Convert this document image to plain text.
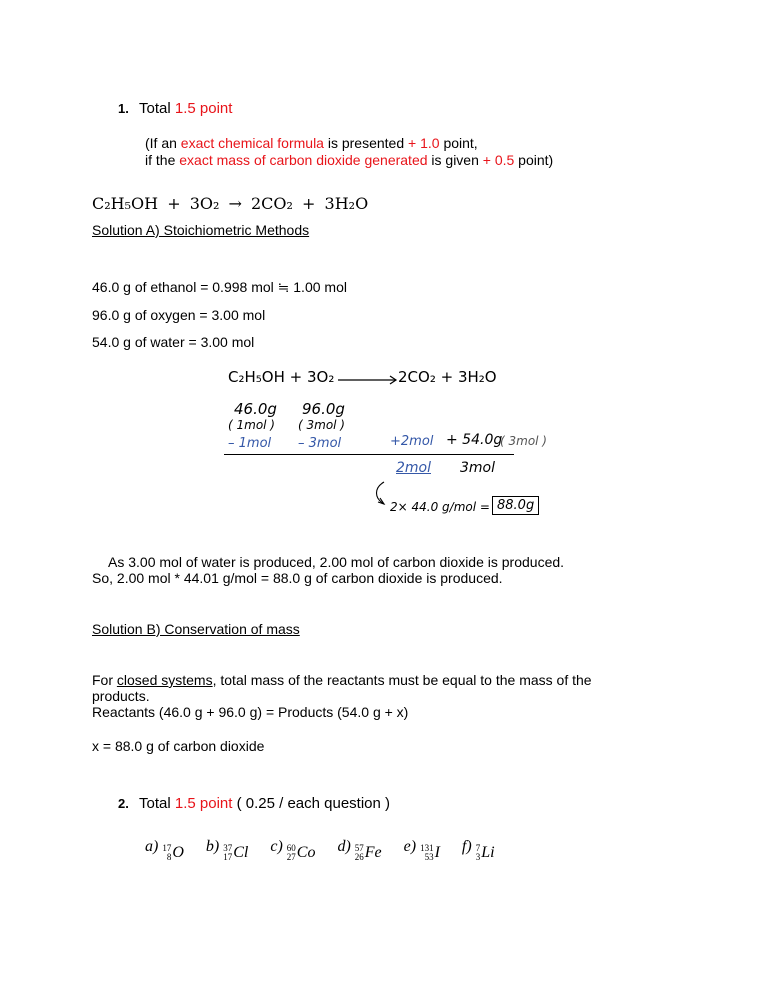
1. Total 1.5 point
(If an exact chemical formula is presented + 1.0 point,
if the exact mass of carbon dioxide generated is given + 0.5 point)
C₂H₅OH + 3O₂ → 2CO₂ + 3H₂O
Solution A) Stoichiometric Methods
46.0 g of ethanol = 0.998 mol ≒ 1.00 mol
96.0 g of oxygen = 3.00 mol
54.0 g of water = 3.00 mol
C₂H₅OH + 3O₂	2CO₂ + 3H₂O
46.0g 96.0g
( 1mol ) ( 3mol )
– 1mol – 3mol	+2mol + 54.0g
( 3mol )
2mol 3mol
2× 44.0 g/mol = 88.0g
As 3.00 mol of water is produced, 2.00 mol of carbon dioxide is produced.
So, 2.00 mol * 44.01 g/mol = 88.0 g of carbon dioxide is produced.
Solution B) Conservation of mass
For closed systems, total mass of the reactants must be equal to the mass of the
products.
Reactants (46.0 g + 96.0 g) = Products (54.0 g + x)
x = 88.0 g of carbon dioxide
2. Total 1.5 point ( 0.25 / each question )
a) 17
8 O b) 37
17 Cl c) 60
27 Co d) 57
26 Fe e) 131
53 I f) 7
3 Li
